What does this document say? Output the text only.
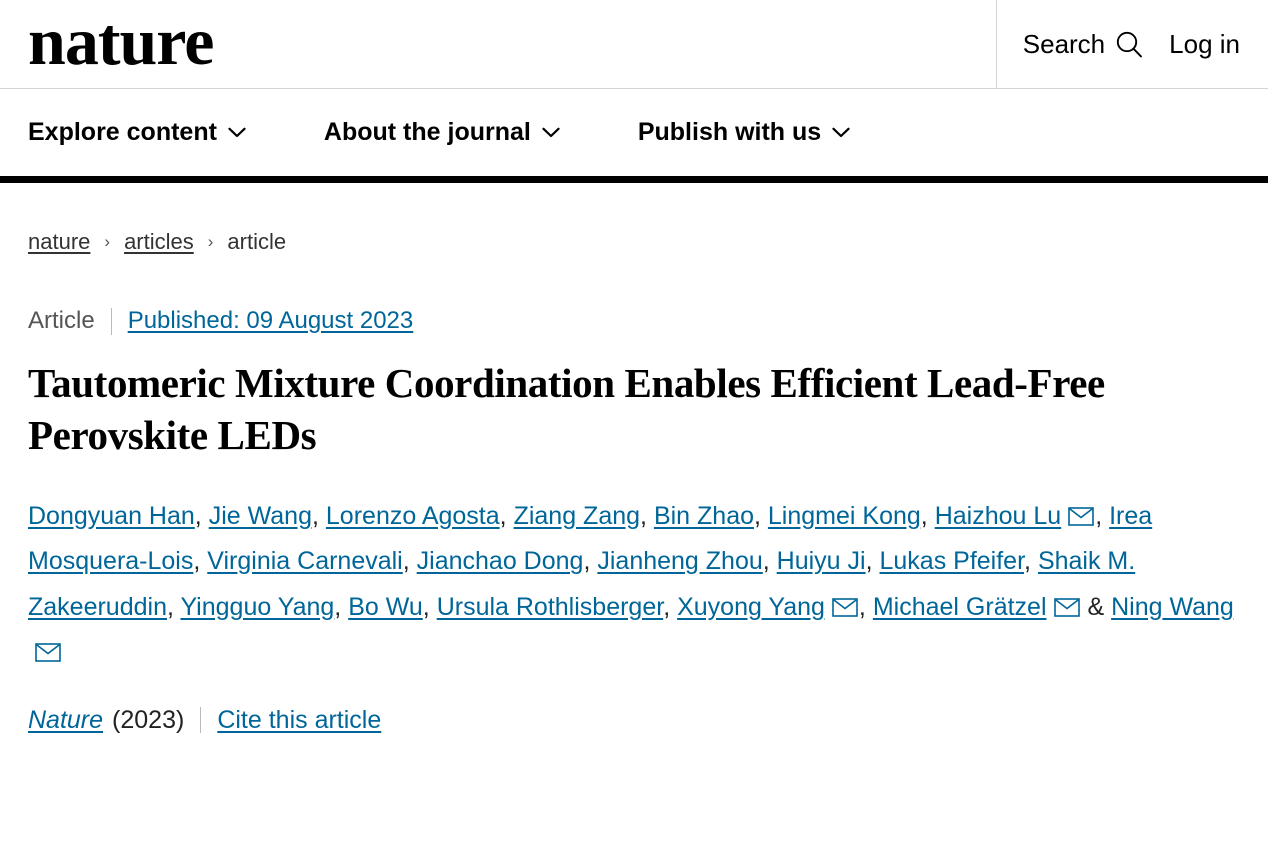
nature	Search Log in
Explore content	About the journal	Publish with us
nature › articles › article
Article Published: 09 August 2023
Tautomeric Mixture Coordination Enables Efficient Lead-Free Perovskite LEDs
Dongyuan Han, Jie Wang, Lorenzo Agosta, Ziang Zang, Bin Zhao, Lingmei Kong, Haizhou Lu , Irea Mosquera-Lois, Virginia Carnevali, Jianchao Dong, Jianheng Zhou, Huiyu Ji, Lukas Pfeifer, Shaik M. Zakeeruddin, Yingguo Yang, Bo Wu, Ursula Rothlisberger, Xuyong Yang , Michael Grätzel & Ning Wang
Nature (2023) Cite this article
